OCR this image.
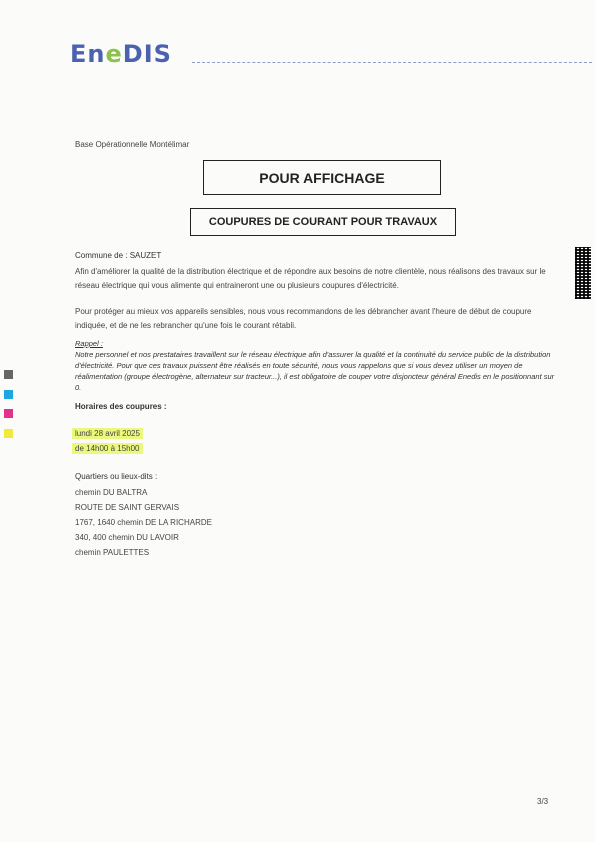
EneDIS
Base Opérationnelle Montélimar
POUR AFFICHAGE
COUPURES DE COURANT POUR TRAVAUX
Commune de : SAUZET
Afin d'améliorer la qualité de la distribution électrique et de répondre aux besoins de notre clientèle, nous réalisons des travaux sur le réseau électrique qui vous alimente qui entraineront une ou plusieurs coupures d'électricité.
Pour protéger au mieux vos appareils sensibles, nous vous recommandons de les débrancher avant l'heure de début de coupure indiquée, et de ne les rebrancher qu'une fois le courant rétabli.
Rappel :
Notre personnel et nos prestataires travaillent sur le réseau électrique afin d'assurer la qualité et la continuité du service public de la distribution d'électricité. Pour que ces travaux puissent être réalisés en toute sécurité, nous vous rappelons que si vous devez utiliser un moyen de réalimentation (groupe électrogène, alternateur sur tracteur...), il est obligatoire de couper votre disjoncteur général Enedis en le positionnant sur 0.
Horaires des coupures :
lundi 28 avril 2025
de 14h00 à 15h00
Quartiers ou lieux-dits :
chemin DU BALTRA
ROUTE DE SAINT GERVAIS
1767, 1640 chemin DE LA RICHARDE
340, 400 chemin DU LAVOIR
chemin PAULETTES
3/3
